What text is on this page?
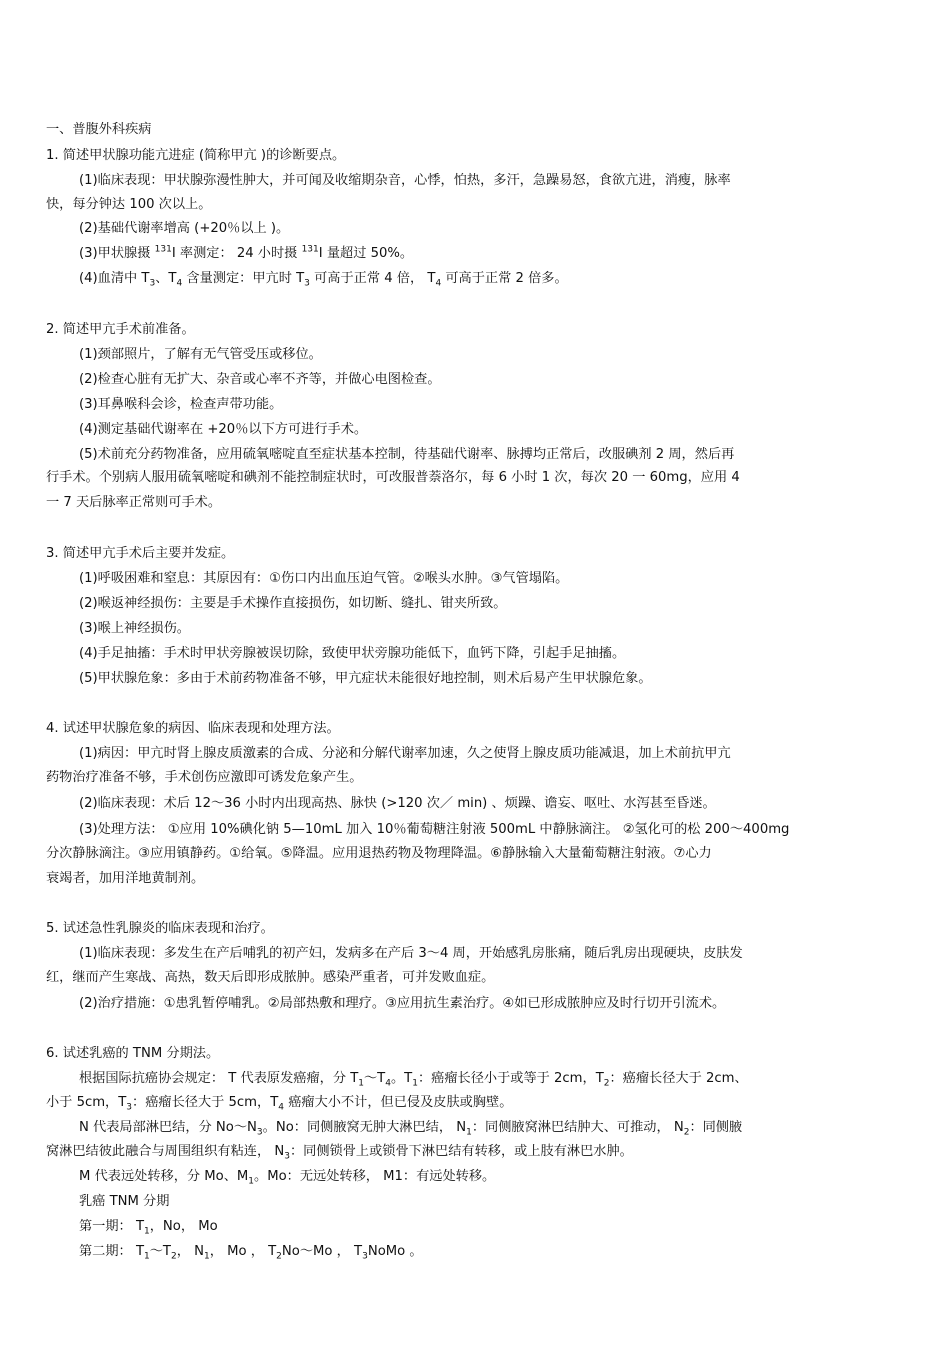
一、普腹外科疾病
1. 简述甲状腺功能亢进症 (简称甲亢 )的诊断要点。
(1)临床表现：甲状腺弥漫性肿大，并可闻及收缩期杂音，心悸，怕热，多汗，急躁易怒，食欲亢进，消瘦，脉率
快，每分钟达 100 次以上。
(2)基础代谢率增高 (+20％以上 )。
(3)甲状腺摄 $^{131}$I 率测定： 24 小时摄 $^{131}$I 量超过 50%。
(4)血清中 $T_3$、$T_4$ 含量测定：甲亢时 $T_3$ 可高于正常 4 倍， $T_4$ 可高于正常 2 倍多。
2. 简述甲亢手术前准备。
(1)颈部照片，了解有无气管受压或移位。
(2)检查心脏有无扩大、杂音或心率不齐等，并做心电图检查。
(3)耳鼻喉科会诊，检查声带功能。
(4)测定基础代谢率在 +20％以下方可进行手术。
(5)术前充分药物准备，应用硫氧嘧啶直至症状基本控制，待基础代谢率、脉搏均正常后，改服碘剂 2 周，然后再
行手术。个别病人服用硫氧嘧啶和碘剂不能控制症状时，可改服普萘洛尔，每 6 小时 1 次，每次 20 一 60mg，应用 4
一 7 天后脉率正常则可手术。
3. 简述甲亢手术后主要并发症。
(1)呼吸困难和窒息：其原因有：①伤口内出血压迫气管。②喉头水肿。③气管塌陷。
(2)喉返神经损伤：主要是手术操作直接损伤，如切断、缝扎、钳夹所致。
(3)喉上神经损伤。
(4)手足抽搐：手术时甲状旁腺被误切除，致使甲状旁腺功能低下，血钙下降，引起手足抽搐。
(5)甲状腺危象：多由于术前药物准备不够，甲亢症状未能很好地控制，则术后易产生甲状腺危象。
4. 试述甲状腺危象的病因、临床表现和处理方法。
(1)病因：甲亢时肾上腺皮质激素的合成、分泌和分解代谢率加速，久之使肾上腺皮质功能减退，加上术前抗甲亢
药物治疗准备不够，手术创伤应激即可诱发危象产生。
(2)临床表现：术后 12～36 小时内出现高热、脉快 (>120 次／ min) 、烦躁、谵妄、呕吐、水泻甚至昏迷。
(3)处理方法： ①应用 10%碘化钠 5—10mL 加入 10％葡萄糖注射液 500mL 中静脉滴注。 ②氢化可的松 200～400mg
分次静脉滴注。③应用镇静药。①给氧。⑤降温。应用退热药物及物理降温。⑥静脉输入大量葡萄糖注射液。⑦心力
衰竭者，加用洋地黄制剂。
5. 试述急性乳腺炎的临床表现和治疗。
(1)临床表现：多发生在产后哺乳的初产妇，发病多在产后 3～4 周，开始感乳房胀痛，随后乳房出现硬块，皮肤发
红，继而产生寒战、高热，数天后即形成脓肿。感染严重者，可并发败血症。
(2)治疗措施：①患乳暂停哺乳。②局部热敷和理疗。③应用抗生素治疗。④如已形成脓肿应及时行切开引流术。
6. 试述乳癌的 TNM 分期法。
根据国际抗癌协会规定： T 代表原发癌瘤，分 $T_1\sim T_4$。$T_1$：癌瘤长径小于或等于 2cm，$T_2$：癌瘤长径大于 2cm、
小于 5cm，$T_3$：癌瘤长径大于 5cm，$T_4$ 癌瘤大小不计，但已侵及皮肤或胸壁。
N 代表局部淋巴结，分 $No\sim N_3$。No：同侧腋窝无肿大淋巴结， $N_1$：同侧腋窝淋巴结肿大、可推动， $N_2$：同侧腋
窝淋巴结彼此融合与周围组织有粘连， $N_3$：同侧锁骨上或锁骨下淋巴结有转移，或上肢有淋巴水肿。
M 代表远处转移，分 Mo、$M_1$。Mo：无远处转移， M1：有远处转移。
乳癌 TNM 分期
第一期： $T_1$，No， Mo
第二期： $T_1\sim T_2$， $N_1$， Mo ， $T_2No\sim Mo$ ， $T_3NoMo$ 。
